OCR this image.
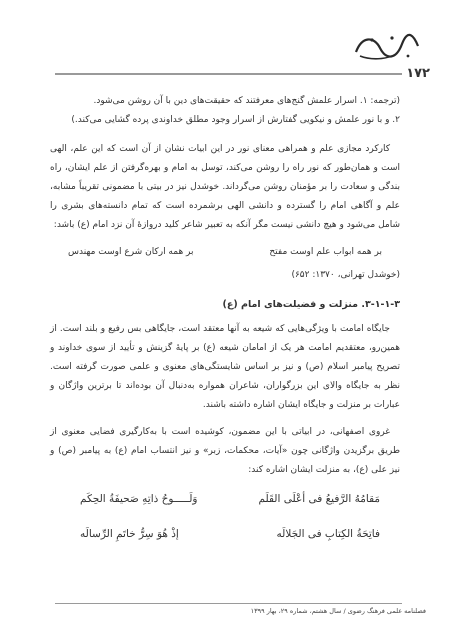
۱۷۲

(ترجمه: ۱. اسرار علمش گنج‌های معرفتند که حقیقت‌های دین با آن روشن می‌شود.
۲. و با نور علمش و نیکویی گفتارش از اسرار وجود مطلق خداوندی پرده گشایی می‌کند.)

کارکرد مجازی علم و همراهی معنای نور در این ابیات نشان از آن است که این علم، الهی است و همان‌طور که نور راه را روشن می‌کند، توسل به امام و بهره‌گرفتن از علم ایشان، راه بندگی و سعادت را بر مؤمنان روشن می‌گرداند. خوشدل نیز در بیتی با مضمونی تقریباً مشابه، علم و آگاهی امام را گسترده و دانشی الهی برشمرده است که تمام دانسته‌های بشری را شامل می‌شود و هیچ دانشی نیست مگر آنکه به تعبیر شاعر کلید دروازهٔ آن نزد امام (ع) باشد:

بر همه ابواب علم اوست مفتح
بر همه ارکان شرع اوست مهندس

(خوشدل تهرانی، ۱۳۷۰: ۶۵۲)

۳-۱-۱-۳. منزلت و فضیلت‌های امام (ع)

جایگاه امامت با ویژگی‌هایی که شیعه به آنها معتقد است، جایگاهی بس رفیع و بلند است. از همین‌رو، معتقدیم امامت هر یک از امامان شیعه (ع) بر پایهٔ گزینش و تأیید از سوی خداوند و تصریح پیامبر اسلام (ص) و نیز بر اساس شایستگی‌های معنوی و علمی صورت گرفته است. نظر به جایگاه والای این بزرگواران، شاعران همواره به‌دنبال آن بوده‌اند تا برترین واژگان و عبارات بر منزلت و جایگاه ایشان اشاره داشته باشند.

غروی اصفهانی، در ابیاتی با این مضمون، کوشیده است با به‌کارگیری فضایی معنوی از طریق برگزیدن واژگانی چون «آیات، محکمات، زبر» و نیز انتساب امام (ع) به پیامبر (ص) و نیز علی (ع)، به منزلت ایشان اشاره کند:

مَقامُهُ الرَّفیعُ فی أعْلَی القَلَم
وَلَـــــوحُ ذاتِهِ صَحیفَةُ الحِکَم
فاتِحَةُ الکِتابِ فی الجَلالَه
إذْ هُوَ سِرُّ خاتَمِ الرِّسالَه
فصلنامه علمی فرهنگ رضوی / سال هشتم، شماره ۲۹، بهار ۱۳۹۹
